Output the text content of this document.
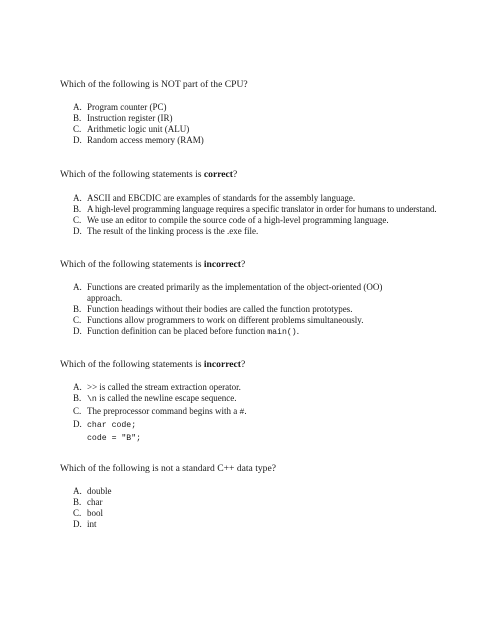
Which of the following is NOT part of the CPU?
A. Program counter (PC)
B. Instruction register (IR)
C. Arithmetic logic unit (ALU)
D. Random access memory (RAM)
Which of the following statements is correct?
A. ASCII and EBCDIC are examples of standards for the assembly language.
B. A high-level programming language requires a specific translator in order for humans to understand.
C. We use an editor to compile the source code of a high-level programming language.
D. The result of the linking process is the .exe file.
Which of the following statements is incorrect?
A. Functions are created primarily as the implementation of the object-oriented (OO) approach.
B. Function headings without their bodies are called the function prototypes.
C. Functions allow programmers to work on different problems simultaneously.
D. Function definition can be placed before function main().
Which of the following statements is incorrect?
A. >> is called the stream extraction operator.
B. \n is called the newline escape sequence.
C. The preprocessor command begins with a #.
D. char code;
code = "B";
Which of the following is not a standard C++ data type?
A. double
B. char
C. bool
D. int
